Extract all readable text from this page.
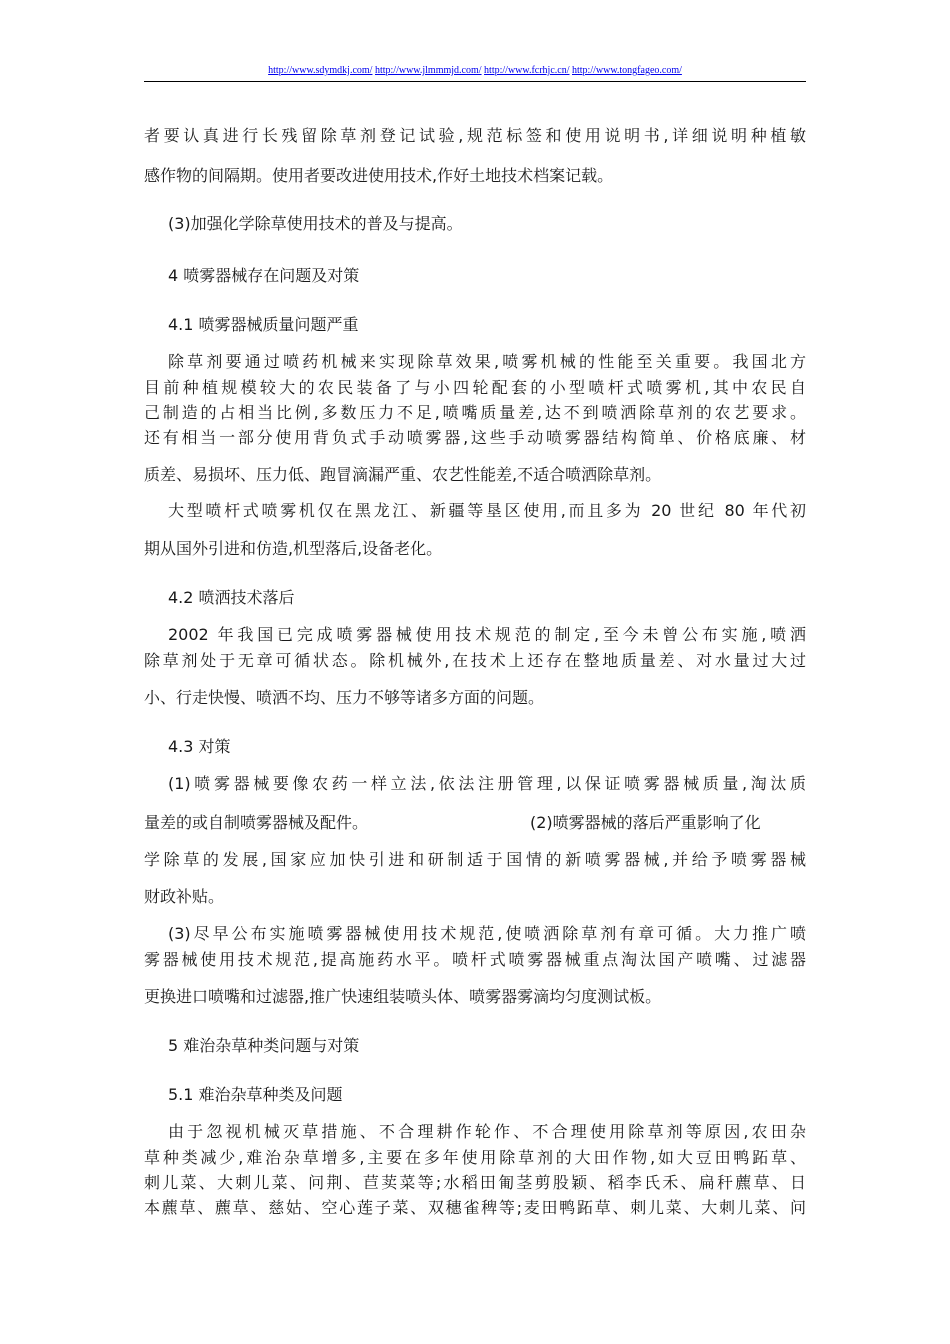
http://www.sdymdkj.com/ http://www.jlmmmjd.com/ http://www.fcrhjc.cn/ http://www.tongfageo.com/
者要认真进行长残留除草剂登记试验,规范标签和使用说明书,详细说明种植敏
感作物的间隔期。使用者要改进使用技术,作好土地技术档案记载。
(3)加强化学除草使用技术的普及与提高。
4 喷雾器械存在问题及对策
4.1 喷雾器械质量问题严重
除草剂要通过喷药机械来实现除草效果,喷雾机械的性能至关重要。我国北方
目前种植规模较大的农民装备了与小四轮配套的小型喷杆式喷雾机,其中农民自
己制造的占相当比例,多数压力不足,喷嘴质量差,达不到喷洒除草剂的农艺要求。
还有相当一部分使用背负式手动喷雾器,这些手动喷雾器结构简单、价格底廉、材
质差、易损坏、压力低、跑冒滴漏严重、农艺性能差,不适合喷洒除草剂。
大型喷杆式喷雾机仅在黑龙江、新疆等垦区使用,而且多为 20 世纪 80 年代初
期从国外引进和仿造,机型落后,设备老化。
4.2 喷洒技术落后
2002 年我国已完成喷雾器械使用技术规范的制定,至今未曾公布实施,喷洒
除草剂处于无章可循状态。除机械外,在技术上还存在整地质量差、对水量过大过
小、行走快慢、喷洒不均、压力不够等诸多方面的问题。
4.3 对策
(1)喷雾器械要像农药一样立法,依法注册管理,以保证喷雾器械质量,淘汰质
量差的或自制喷雾器械及配件。	(2)喷雾器械的落后严重影响了化
学除草的发展,国家应加快引进和研制适于国情的新喷雾器械,并给予喷雾器械
财政补贴。
(3)尽早公布实施喷雾器械使用技术规范,使喷洒除草剂有章可循。大力推广喷
雾器械使用技术规范,提高施药水平。喷杆式喷雾器械重点淘汰国产喷嘴、过滤器
更换进口喷嘴和过滤器,推广快速组装喷头体、喷雾器雾滴均匀度测试板。
5 难治杂草种类问题与对策
5.1 难治杂草种类及问题
由于忽视机械灭草措施、不合理耕作轮作、不合理使用除草剂等原因,农田杂
草种类减少,难治杂草增多,主要在多年使用除草剂的大田作物,如大豆田鸭跖草、
刺儿菜、大刺儿菜、问荆、苣荬菜等;水稻田匍茎剪股颖、稻李氏禾、扁秆藨草、日
本藨草、藨草、慈姑、空心莲子菜、双穗雀稗等;麦田鸭跖草、刺儿菜、大刺儿菜、问
